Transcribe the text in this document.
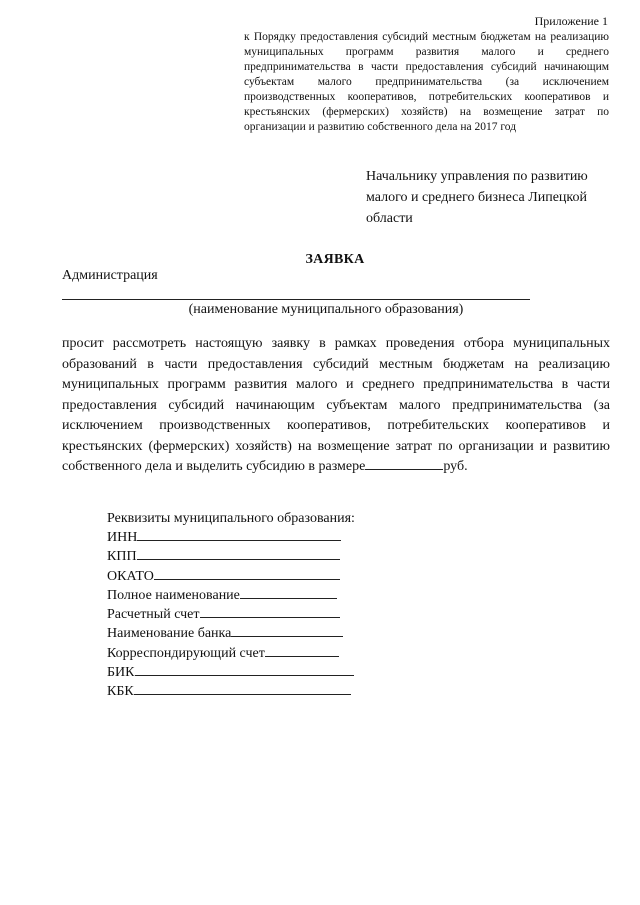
Приложение 1
к Порядку предоставления субсидий местным бюджетам на реализацию муниципальных программ развития малого и среднего предпринимательства в части предоставления субсидий начинающим субъектам малого предпринимательства (за исключением производственных кооперативов, потребительских кооперативов и крестьянских (фермерских) хозяйств) на возмещение затрат по организации и развитию собственного дела на 2017 год
Начальнику управления по развитию малого и среднего бизнеса Липецкой области
ЗАЯВКА
Администрация
(наименование муниципального образования)
просит рассмотреть настоящую заявку в рамках проведения отбора муниципальных образований в части предоставления субсидий местным бюджетам на реализацию муниципальных программ развития малого и среднего предпринимательства в части предоставления субсидий начинающим субъектам малого предпринимательства (за исключением производственных кооперативов, потребительских кооперативов и крестьянских (фермерских) хозяйств) на возмещение затрат по организации и развитию собственного дела и выделить субсидию в размере	руб.
Реквизиты муниципального образования:
ИНН
КПП
ОКАТО
Полное наименование
Расчетный счет
Наименование банка
Корреспондирующий счет
БИК
КБК
